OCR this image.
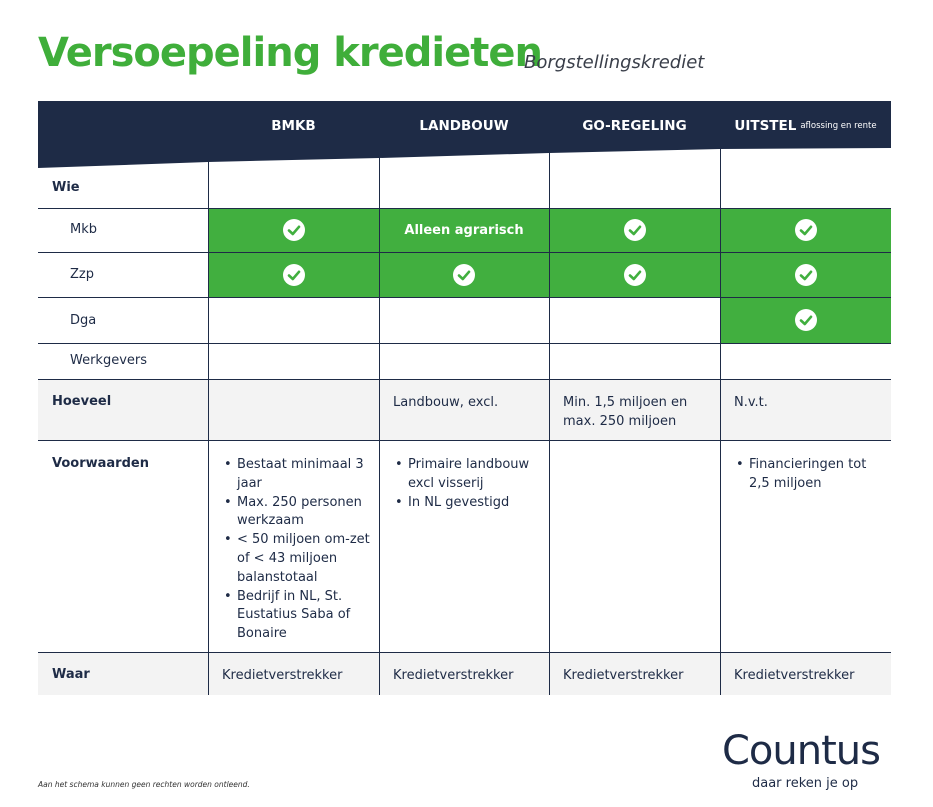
Versoepeling kredieten
Borgstellingskrediet
BMKB	LANDBOUW	GO-REGELING	UITSTEL aflossing en rente
Wie
Mkb	Alleen agrarisch
Zzp
Dga
Werkgevers
Hoeveel	Landbouw, excl.	Min. 1,5 miljoen en max. 250 miljoen
N.v.t.
Voorwaarden
•	Bestaat minimaal 3 jaar
• Max. 250 personen werkzaam
• < 50 miljoen om-zet of < 43 miljoen balanstotaal
• Bedrijf in NL, St. Eustatius Saba of Bonaire
• Primaire landbouw excl visserij
• In NL gevestigd
• Financieringen tot 2,5 miljoen
Waar	Kredietverstrekker	Kredietverstrekker	Kredietverstrekker	Kredietverstrekker
Aan het schema kunnen geen rechten worden ontleend.
Countus
daar reken je op
